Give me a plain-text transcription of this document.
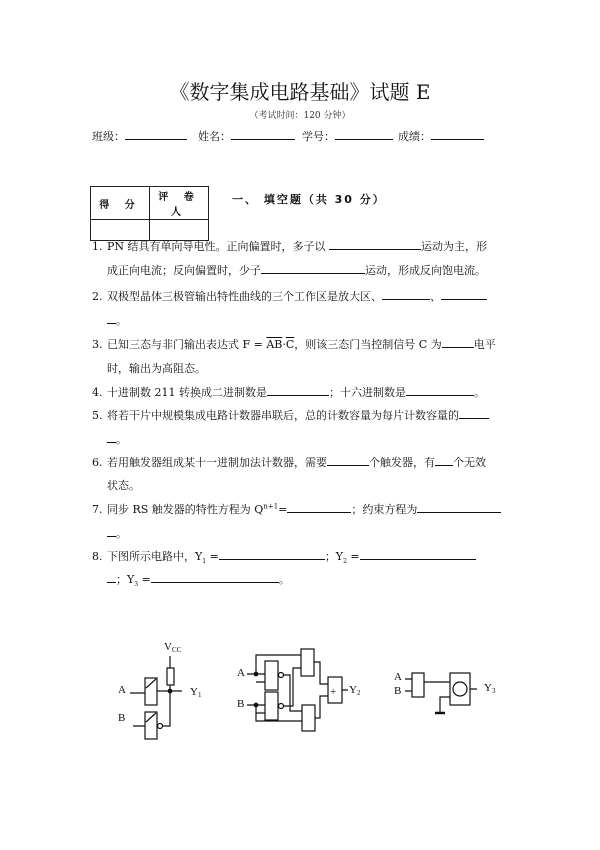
《数字集成电路基础》试题 E
（考试时间：120 分钟）
班级：	姓名：	学号：	成绩：
得 分	评 卷 人

一、 填空题（共 30 分）
1. PN 结具有单向导电性。正向偏置时，多子以	运动为主，形
成正向电流；反向偏置时，少子	运动，形成反向饱电流。
2. 双极型晶体三极管输出特性曲线的三个工作区是放大区、	、
。
3. 已知三态与非门输出表达式 $F = \overline{AB}\cdot\overline{C}$，则该三态门当控制信号 C 为	电平
时，输出为高阻态。
4. 十进制数 211 转换成二进制数是	；十六进制数是	。
5. 将若干片中规模集成电路计数器串联后，总的计数容量为每片计数容量的
。
6. 若用触发器组成某十一进制加法计数器，需要	个触发器，有 个无效
状态。
7. 同步 RS 触发器的特性方程为 $Q^{n+1}=$	；约束方程为
。
8. 下图所示电路中，$Y_1$ =	；$Y_2$ =
；$Y_3$ =	。
A
B
VCC
Y1
A
B
Y2
+
A
B	Y3
